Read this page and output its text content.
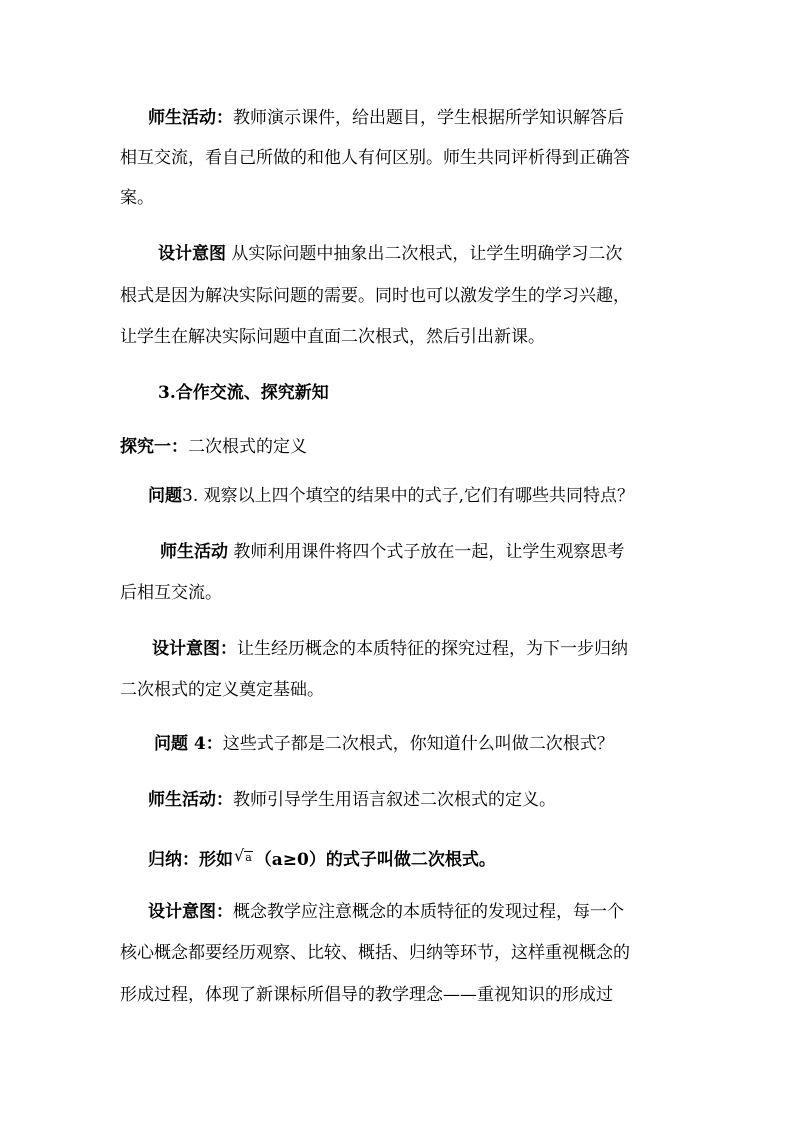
师生活动：教师演示课件，给出题目，学生根据所学知识解答后
相互交流，看自己所做的和他人有何区别。师生共同评析得到正确答
案。
设计意图 从实际问题中抽象出二次根式，让学生明确学习二次
根式是因为解决实际问题的需要。同时也可以激发学生的学习兴趣，
让学生在解决实际问题中直面二次根式，然后引出新课。
3.合作交流、探究新知
探究一：二次根式的定义
问题3. 观察以上四个填空的结果中的式子,它们有哪些共同特点？
师生活动 教师利用课件将四个式子放在一起，让学生观察思考
后相互交流。
设计意图：让生经历概念的本质特征的探究过程，为下一步归纳
二次根式的定义奠定基础。
问题 4：这些式子都是二次根式，你知道什么叫做二次根式？
师生活动：教师引导学生用语言叙述二次根式的定义。
归纳：形如√a （a≥0）的式子叫做二次根式。
设计意图：概念教学应注意概念的本质特征的发现过程，每一个
核心概念都要经历观察、比较、概括、归纳等环节，这样重视概念的
形成过程，体现了新课标所倡导的教学理念——重视知识的形成过
